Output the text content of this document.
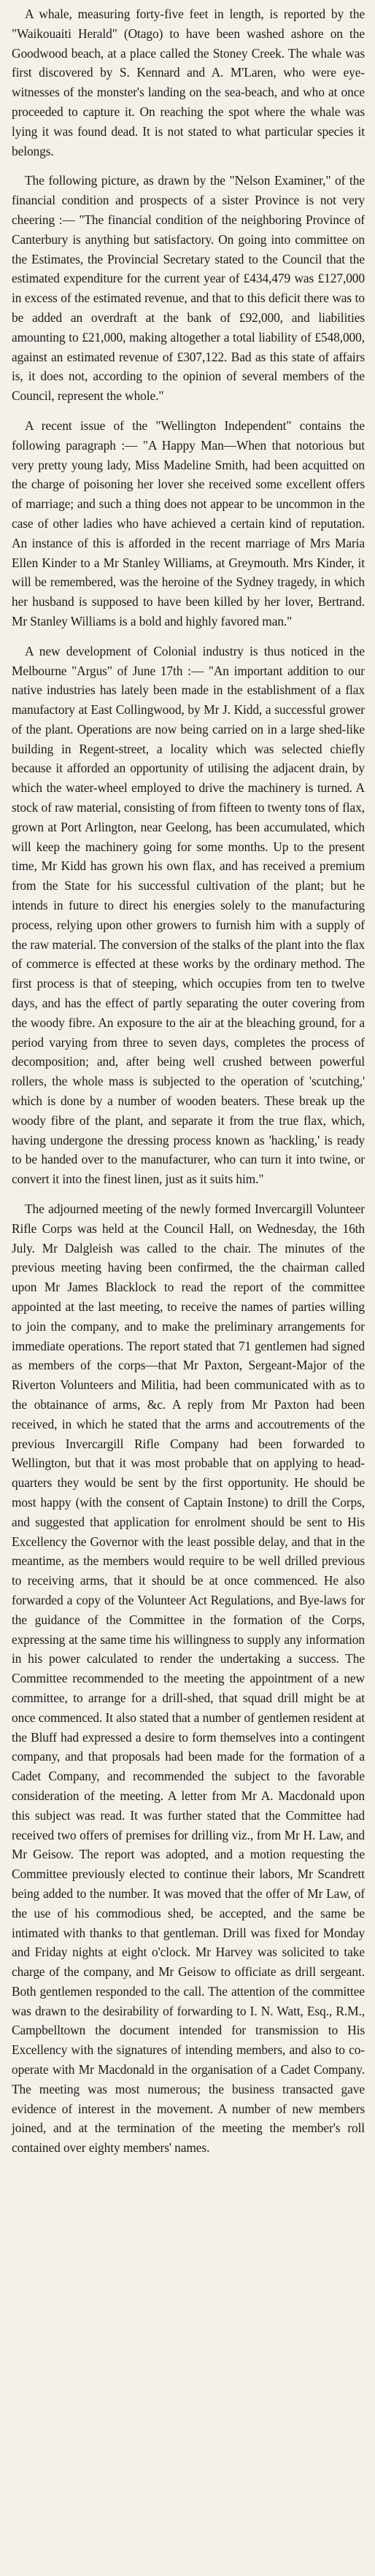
A whale, measuring forty-five feet in length, is reported by the "Waikouaiti Herald" (Otago) to have been washed ashore on the Goodwood beach, at a place called the Stoney Creek. The whale was first discovered by S. Kennard and A. M'Laren, who were eye-witnesses of the monster's landing on the sea-beach, and who at once proceeded to capture it. On reaching the spot where the whale was lying it was found dead. It is not stated to what particular species it belongs.

The following picture, as drawn by the "Nelson Examiner," of the financial condition and prospects of a sister Province is not very cheering :— "The financial condition of the neighboring Province of Canterbury is anything but satisfactory. On going into committee on the Estimates, the Provincial Secretary stated to the Council that the estimated expenditure for the current year of £434,479 was £127,000 in excess of the estimated revenue, and that to this deficit there was to be added an overdraft at the bank of £92,000, and liabilities amounting to £21,000, making altogether a total liability of £548,000, against an estimated revenue of £307,122. Bad as this state of affairs is, it does not, according to the opinion of several members of the Council, represent the whole."

A recent issue of the "Wellington Independent" contains the following paragraph :— "A Happy Man—When that notorious but very pretty young lady, Miss Madeline Smith, had been acquitted on the charge of poisoning her lover she received some excellent offers of marriage; and such a thing does not appear to be uncommon in the case of other ladies who have achieved a certain kind of reputation. An instance of this is afforded in the recent marriage of Mrs Maria Ellen Kinder to a Mr Stanley Williams, at Greymouth. Mrs Kinder, it will be remembered, was the heroine of the Sydney tragedy, in which her husband is supposed to have been killed by her lover, Bertrand. Mr Stanley Williams is a bold and highly favored man."

A new development of Colonial industry is thus noticed in the Melbourne "Argus" of June 17th :— "An important addition to our native industries has lately been made in the establishment of a flax manufactory at East Collingwood, by Mr J. Kidd, a successful grower of the plant. Operations are now being carried on in a large shed-like building in Regent-street, a locality which was selected chiefly because it afforded an opportunity of utilising the adjacent drain, by which the water-wheel employed to drive the machinery is turned. A stock of raw material, consisting of from fifteen to twenty tons of flax, grown at Port Arlington, near Geelong, has been accumulated, which will keep the machinery going for some months. Up to the present time, Mr Kidd has grown his own flax, and has received a premium from the State for his successful cultivation of the plant; but he intends in future to direct his energies solely to the manufacturing process, relying upon other growers to furnish him with a supply of the raw material. The conversion of the stalks of the plant into the flax of commerce is effected at these works by the ordinary method. The first process is that of steeping, which occupies from ten to twelve days, and has the effect of partly separating the outer covering from the woody fibre. An exposure to the air at the bleaching ground, for a period varying from three to seven days, completes the process of decomposition; and, after being well crushed between powerful rollers, the whole mass is subjected to the operation of 'scutching,' which is done by a number of wooden beaters. These break up the woody fibre of the plant, and separate it from the true flax, which, having undergone the dressing process known as 'hackling,' is ready to be handed over to the manufacturer, who can turn it into twine, or convert it into the finest linen, just as it suits him."

The adjourned meeting of the newly formed Invercargill Volunteer Rifle Corps was held at the Council Hall, on Wednesday, the 16th July. Mr Dalgleish was called to the chair. The minutes of the previous meeting having been confirmed, the the chairman called upon Mr James Blacklock to read the report of the committee appointed at the last meeting, to receive the names of parties willing to join the company, and to make the preliminary arrangements for immediate operations. The report stated that 71 gentlemen had signed as members of the corps—that Mr Paxton, Sergeant-Major of the Riverton Volunteers and Militia, had been communicated with as to the obtainance of arms, &c. A reply from Mr Paxton had been received, in which he stated that the arms and accoutrements of the previous Invercargill Rifle Company had been forwarded to Wellington, but that it was most probable that on applying to head-quarters they would be sent by the first opportunity. He should be most happy (with the consent of Captain Instone) to drill the Corps, and suggested that application for enrolment should be sent to His Excellency the Governor with the least possible delay, and that in the meantime, as the members would require to be well drilled previous to receiving arms, that it should be at once commenced. He also forwarded a copy of the Volunteer Act Regulations, and Bye-laws for the guidance of the Committee in the formation of the Corps, expressing at the same time his willingness to supply any information in his power calculated to render the undertaking a success. The Committee recommended to the meeting the appointment of a new committee, to arrange for a drill-shed, that squad drill might be at once commenced. It also stated that a number of gentlemen resident at the Bluff had expressed a desire to form themselves into a contingent company, and that proposals had been made for the formation of a Cadet Company, and recommended the subject to the favorable consideration of the meeting. A letter from Mr A. Macdonald upon this subject was read. It was further stated that the Committee had received two offers of premises for drilling viz., from Mr H. Law, and Mr Geisow. The report was adopted, and a motion requesting the Committee previously elected to continue their labors, Mr Scandrett being added to the number. It was moved that the offer of Mr Law, of the use of his commodious shed, be accepted, and the same be intimated with thanks to that gentleman. Drill was fixed for Monday and Friday nights at eight o'clock. Mr Harvey was solicited to take charge of the company, and Mr Geisow to officiate as drill sergeant. Both gentlemen responded to the call. The attention of the committee was drawn to the desirability of forwarding to I. N. Watt, Esq., R.M., Campbelltown the document intended for transmission to His Excellency with the signatures of intending members, and also to co-operate with Mr Macdonald in the organisation of a Cadet Company. The meeting was most numerous; the business transacted gave evidence of interest in the movement. A number of new members joined, and at the termination of the meeting the member's roll contained over eighty members' names.
